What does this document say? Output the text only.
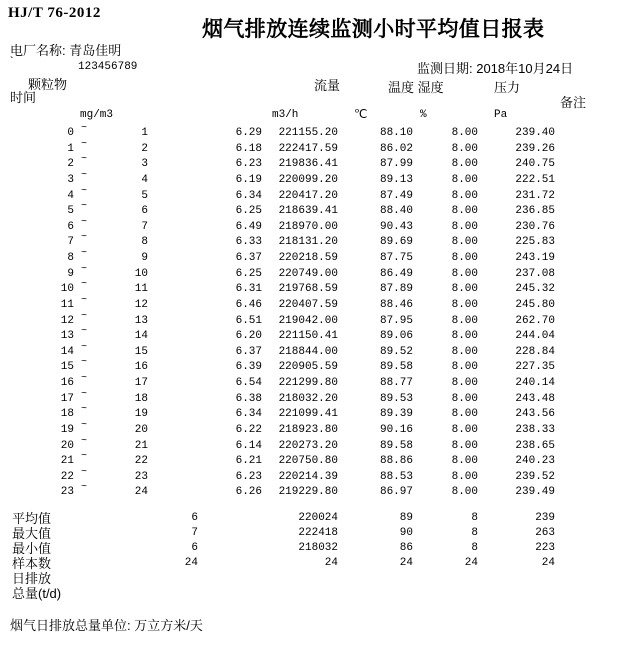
HJ/T 76-2012
烟气排放连续监测小时平均值日报表
电厂名称: 青岛佳明
`	123456789	监测日期: 2018年10月24日
颗粒物	流量	温度 湿度	压力
时间	备注
mg/m3	m3/h	℃	%	Pa
0 ~	1	6.29	221155.20	88.10	8.00	239.40
1 ~	2	6.18	222417.59	86.02	8.00	239.26
2 ~	3	6.23	219836.41	87.99	8.00	240.75
3 ~	4	6.19	220099.20	89.13	8.00	222.51
4 ~	5	6.34	220417.20	87.49	8.00	231.72
5 ~	6	6.25	218639.41	88.40	8.00	236.85
6 ~	7	6.49	218970.00	90.43	8.00	230.76
7 ~	8	6.33	218131.20	89.69	8.00	225.83
8 ~	9	6.37	220218.59	87.75	8.00	243.19
9 ~	10	6.25	220749.00	86.49	8.00	237.08
10 ~	11	6.31	219768.59	87.89	8.00	245.32
11 ~	12	6.46	220407.59	88.46	8.00	245.80
12 ~	13	6.51	219042.00	87.95	8.00	262.70
13 ~	14	6.20	221150.41	89.06	8.00	244.04
14 ~	15	6.37	218844.00	89.52	8.00	228.84
15 ~	16	6.39	220905.59	89.58	8.00	227.35
16 ~	17	6.54	221299.80	88.77	8.00	240.14
17 ~	18	6.38	218032.20	89.53	8.00	243.48
18 ~	19	6.34	221099.41	89.39	8.00	243.56
19 ~	20	6.22	218923.80	90.16	8.00	238.33
20 ~	21	6.14	220273.20	89.58	8.00	238.65
21 ~	22	6.21	220750.80	88.86	8.00	240.23
22 ~	23	6.23	220214.39	88.53	8.00	239.52
23 ~	24	6.26	219229.80	86.97	8.00	239.49
平均值	6	220024	89	8	239
最大值	7	222418	90	8	263
最小值	6	218032	86	8	223
样本数	24	24	24	24	24
日排放
总量(t/d)
烟气日排放总量单位: 万立方米/天
